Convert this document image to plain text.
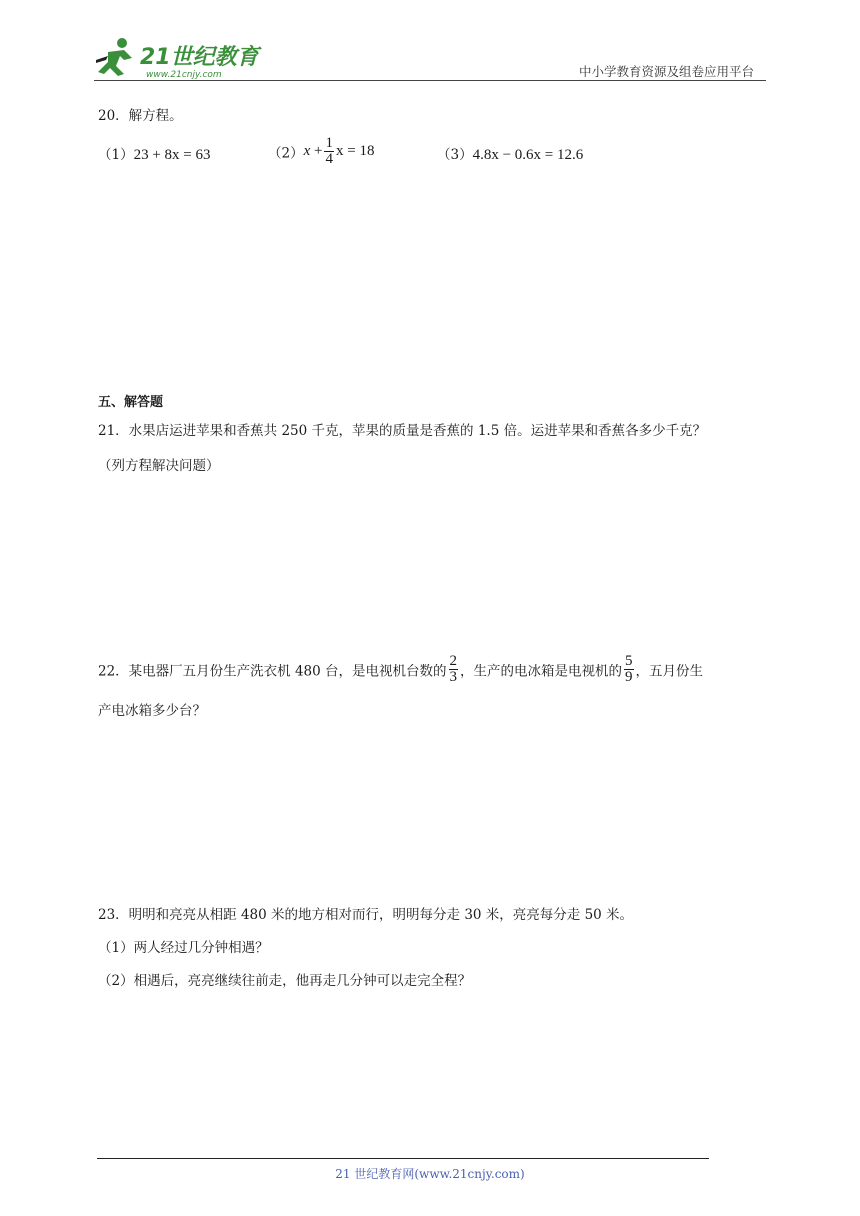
21世纪教育
www.21cnjy.com	中小学教育资源及组卷应用平台
20．解方程。
（1）23 + 8x = 63	$(2)x + \frac{1}{4}$ x = 18	（3）4.8x − 0.6x = 12.6
五、解答题
21．水果店运进苹果和香蕉共 250 千克，苹果的质量是香蕉的 1.5 倍。运进苹果和香蕉各多少千克？
（列方程解决问题）
22．某电器厂五月份生产洗衣机 480 台，是电视机台数的 $\frac{2}{3}$ ，生产的电冰箱是电视机的 $\frac{5}{9}$ ，五月份生
产电冰箱多少台？
23．明明和亮亮从相距 480 米的地方相对而行，明明每分走 30 米，亮亮每分走 50 米。
（1）两人经过几分钟相遇？
（2）相遇后，亮亮继续往前走，他再走几分钟可以走完全程？
21 世纪教育网(www.21cnjy.com)
